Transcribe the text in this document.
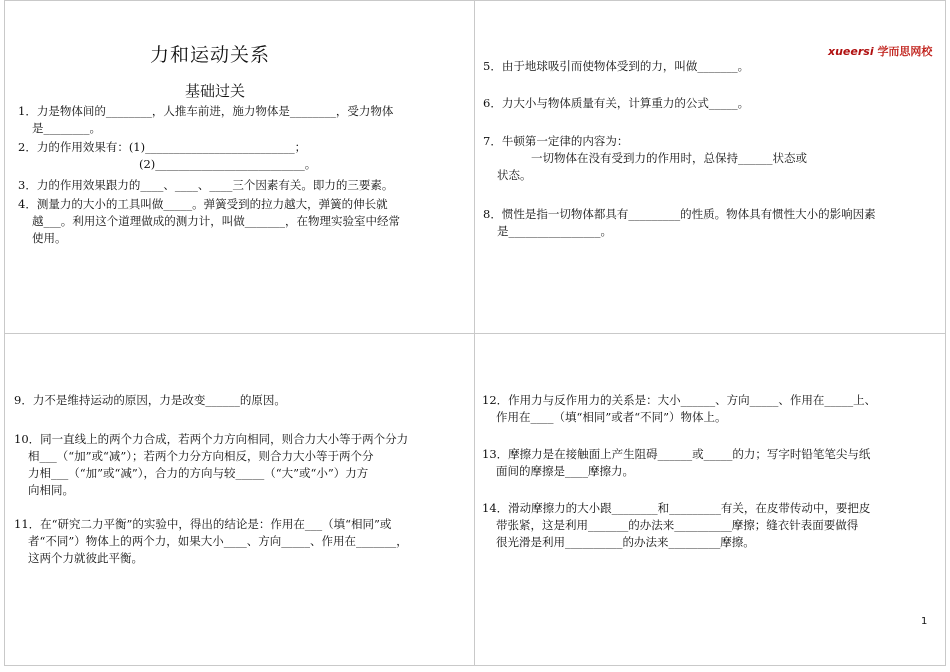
力和运动关系
基础过关
xueersi 学而思网校
1．力是物体间的________，人推车前进，施力物体是________，受力物体
是________。
2．力的作用效果有：(1)__________________________；
(2)__________________________。
3．力的作用效果跟力的____、____、____三个因素有关。即力的三要素。
4．测量力的大小的工具叫做_____。弹簧受到的拉力越大，弹簧的伸长就
越___。利用这个道理做成的测力计，叫做_______，在物理实验室中经常
使用。
5．由于地球吸引而使物体受到的力，叫做_______。
6．力大小与物体质量有关，计算重力的公式_____。
7．牛顿第一定律的内容为：
一切物体在没有受到力的作用时，总保持______状态或
状态。
8．惯性是指一切物体都具有_________的性质。物体具有惯性大小的影响因素
是________________。
9．力不是维持运动的原因，力是改变______的原因。
10．同一直线上的两个力合成，若两个力方向相同，则合力大小等于两个分力
相___（“加”或“减”）；若两个力分方向相反，则合力大小等于两个分
力相___（“加”或“减”），合力的方向与较_____（“大”或“小”）力方
向相同。
11．在“研究二力平衡”的实验中，得出的结论是：作用在___（填“相同”或
者“不同”）物体上的两个力，如果大小____、方向_____、作用在_______，
这两个力就彼此平衡。
12．作用力与反作用力的关系是：大小______、方向_____、作用在_____上、
作用在____（填“相同”或者“不同”）物体上。
13．摩擦力是在接触面上产生阻碍______或_____的力；写字时铅笔笔尖与纸
面间的摩擦是____摩擦力。
14．滑动摩擦力的大小跟________和_________有关，在皮带传动中，要把皮
带张紧，这是利用_______的办法来__________摩擦；缝衣针表面要做得
很光滑是利用__________的办法来_________摩擦。
1
